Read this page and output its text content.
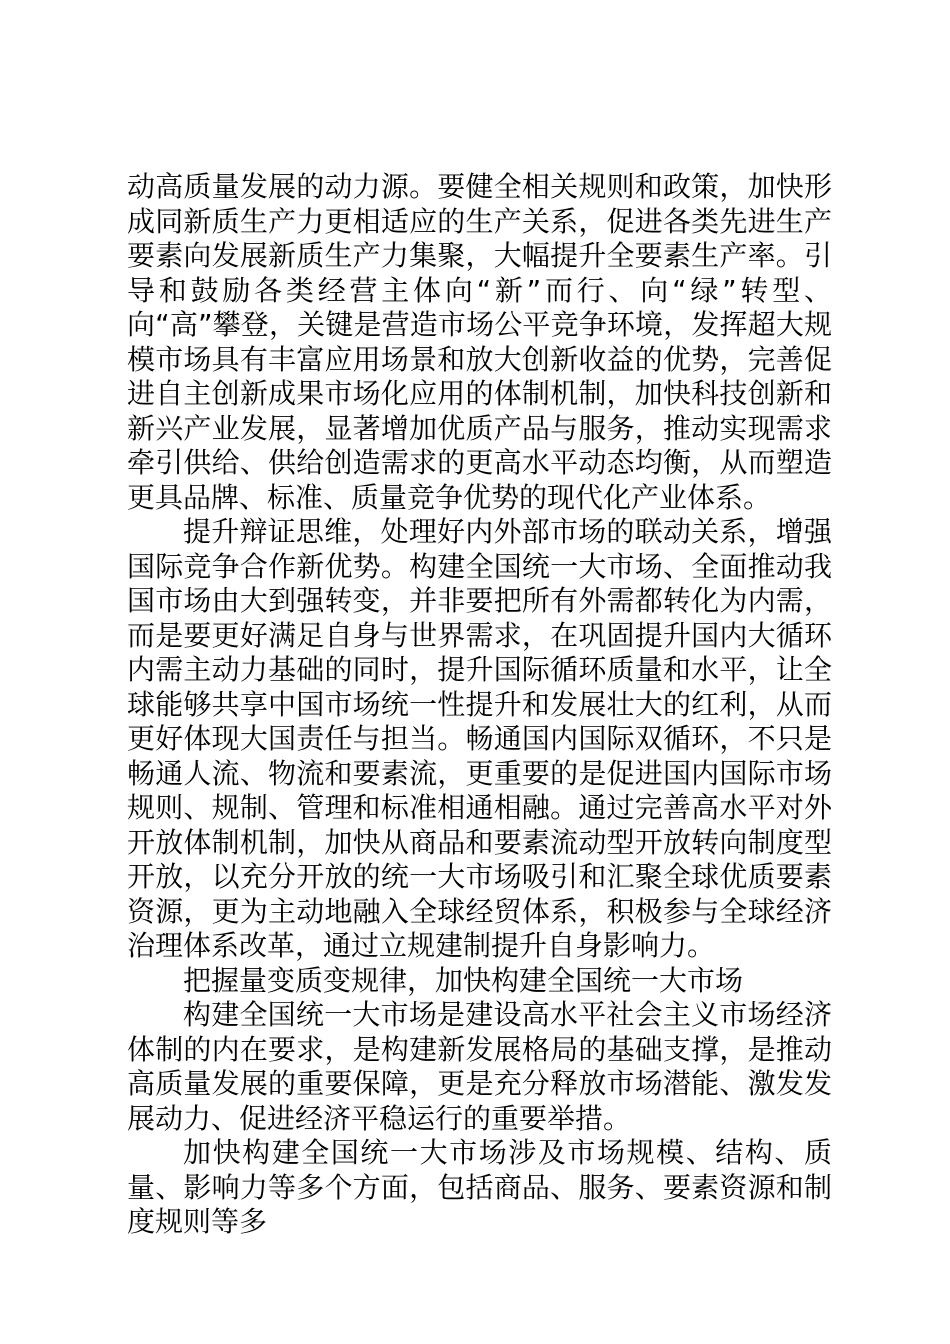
动高质量发展的动力源。要健全相关规则和政策，加快形成同新质生产力更相适应的生产关系，促进各类先进生产要素向发展新质生产力集聚，大幅提升全要素生产率。引导和鼓励各类经营主体向“新”而行、向“绿”转型、向“高”攀登，关键是营造市场公平竞争环境，发挥超大规模市场具有丰富应用场景和放大创新收益的优势，完善促进自主创新成果市场化应用的体制机制，加快科技创新和新兴产业发展，显著增加优质产品与服务，推动实现需求牵引供给、供给创造需求的更高水平动态均衡，从而塑造更具品牌、标准、质量竞争优势的现代化产业体系。

提升辩证思维，处理好内外部市场的联动关系，增强国际竞争合作新优势。构建全国统一大市场、全面推动我国市场由大到强转变，并非要把所有外需都转化为内需，而是要更好满足自身与世界需求，在巩固提升国内大循环内需主动力基础的同时，提升国际循环质量和水平，让全球能够共享中国市场统一性提升和发展壮大的红利，从而更好体现大国责任与担当。畅通国内国际双循环，不只是畅通人流、物流和要素流，更重要的是促进国内国际市场规则、规制、管理和标准相通相融。通过完善高水平对外开放体制机制，加快从商品和要素流动型开放转向制度型开放，以充分开放的统一大市场吸引和汇聚全球优质要素资源，更为主动地融入全球经贸体系，积极参与全球经济治理体系改革，通过立规建制提升自身影响力。

把握量变质变规律，加快构建全国统一大市场

构建全国统一大市场是建设高水平社会主义市场经济体制的内在要求，是构建新发展格局的基础支撑，是推动高质量发展的重要保障，更是充分释放市场潜能、激发发展动力、促进经济平稳运行的重要举措。

加快构建全国统一大市场涉及市场规模、结构、质量、影响力等多个方面，包括商品、服务、要素资源和制度规则等多
